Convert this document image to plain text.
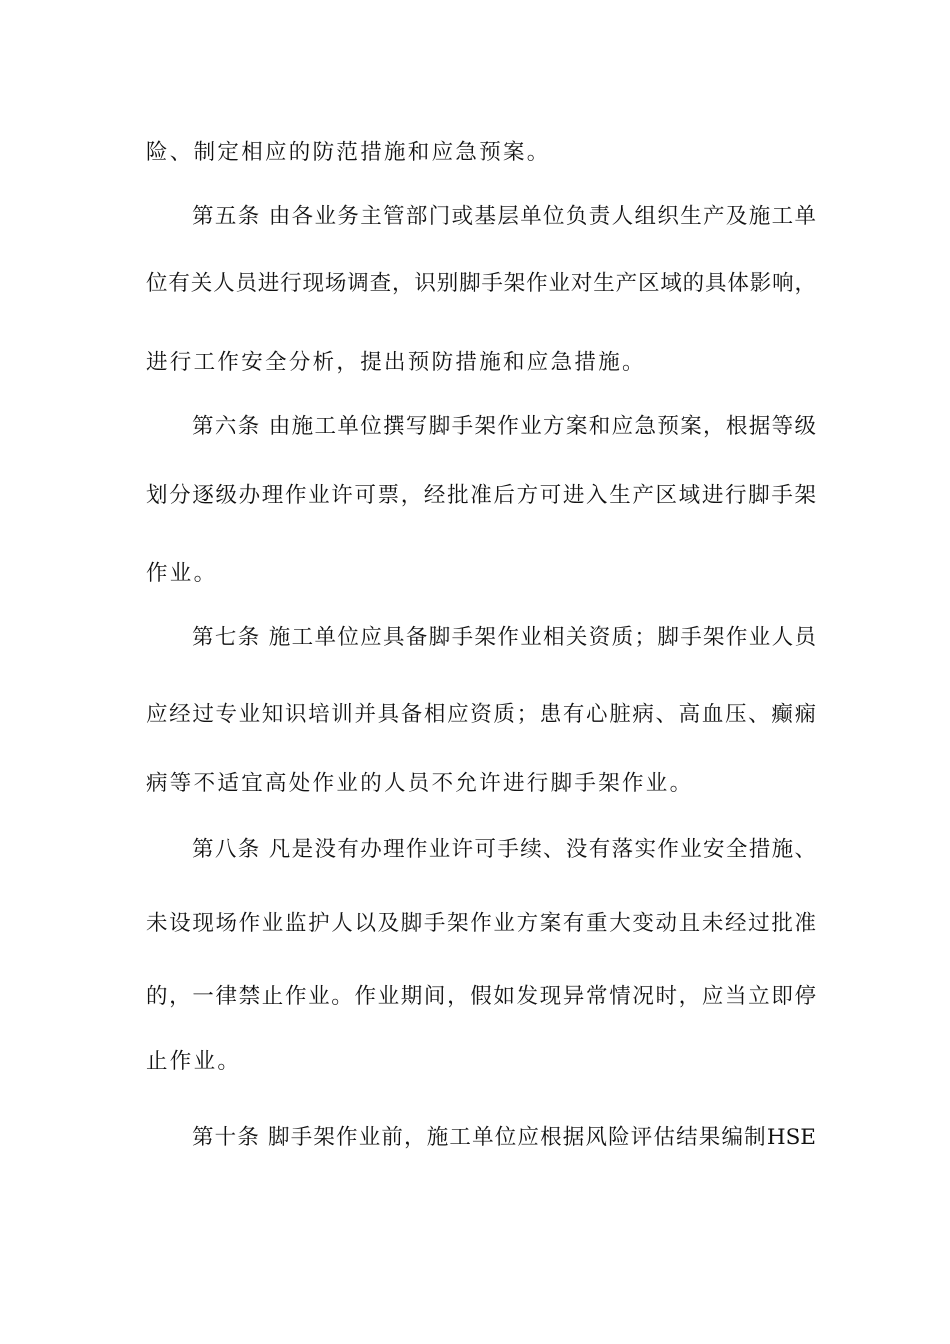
险、制定相应的防范措施和应急预案。
第五条 由各业务主管部门或基层单位负责人组织生产及施工单
位有关人员进行现场调查，识别脚手架作业对生产区域的具体影响，
进行工作安全分析，提出预防措施和应急措施。
第六条 由施工单位撰写脚手架作业方案和应急预案，根据等级
划分逐级办理作业许可票，经批准后方可进入生产区域进行脚手架
作业。
第七条 施工单位应具备脚手架作业相关资质；脚手架作业人员
应经过专业知识培训并具备相应资质；患有心脏病、高血压、癫痫
病等不适宜高处作业的人员不允许进行脚手架作业。
第八条 凡是没有办理作业许可手续、没有落实作业安全措施、
未设现场作业监护人以及脚手架作业方案有重大变动且未经过批准
的，一律禁止作业。作业期间，假如发现异常情况时，应当立即停
止作业。
第十条 脚手架作业前，施工单位应根据风险评估结果编制HSE
